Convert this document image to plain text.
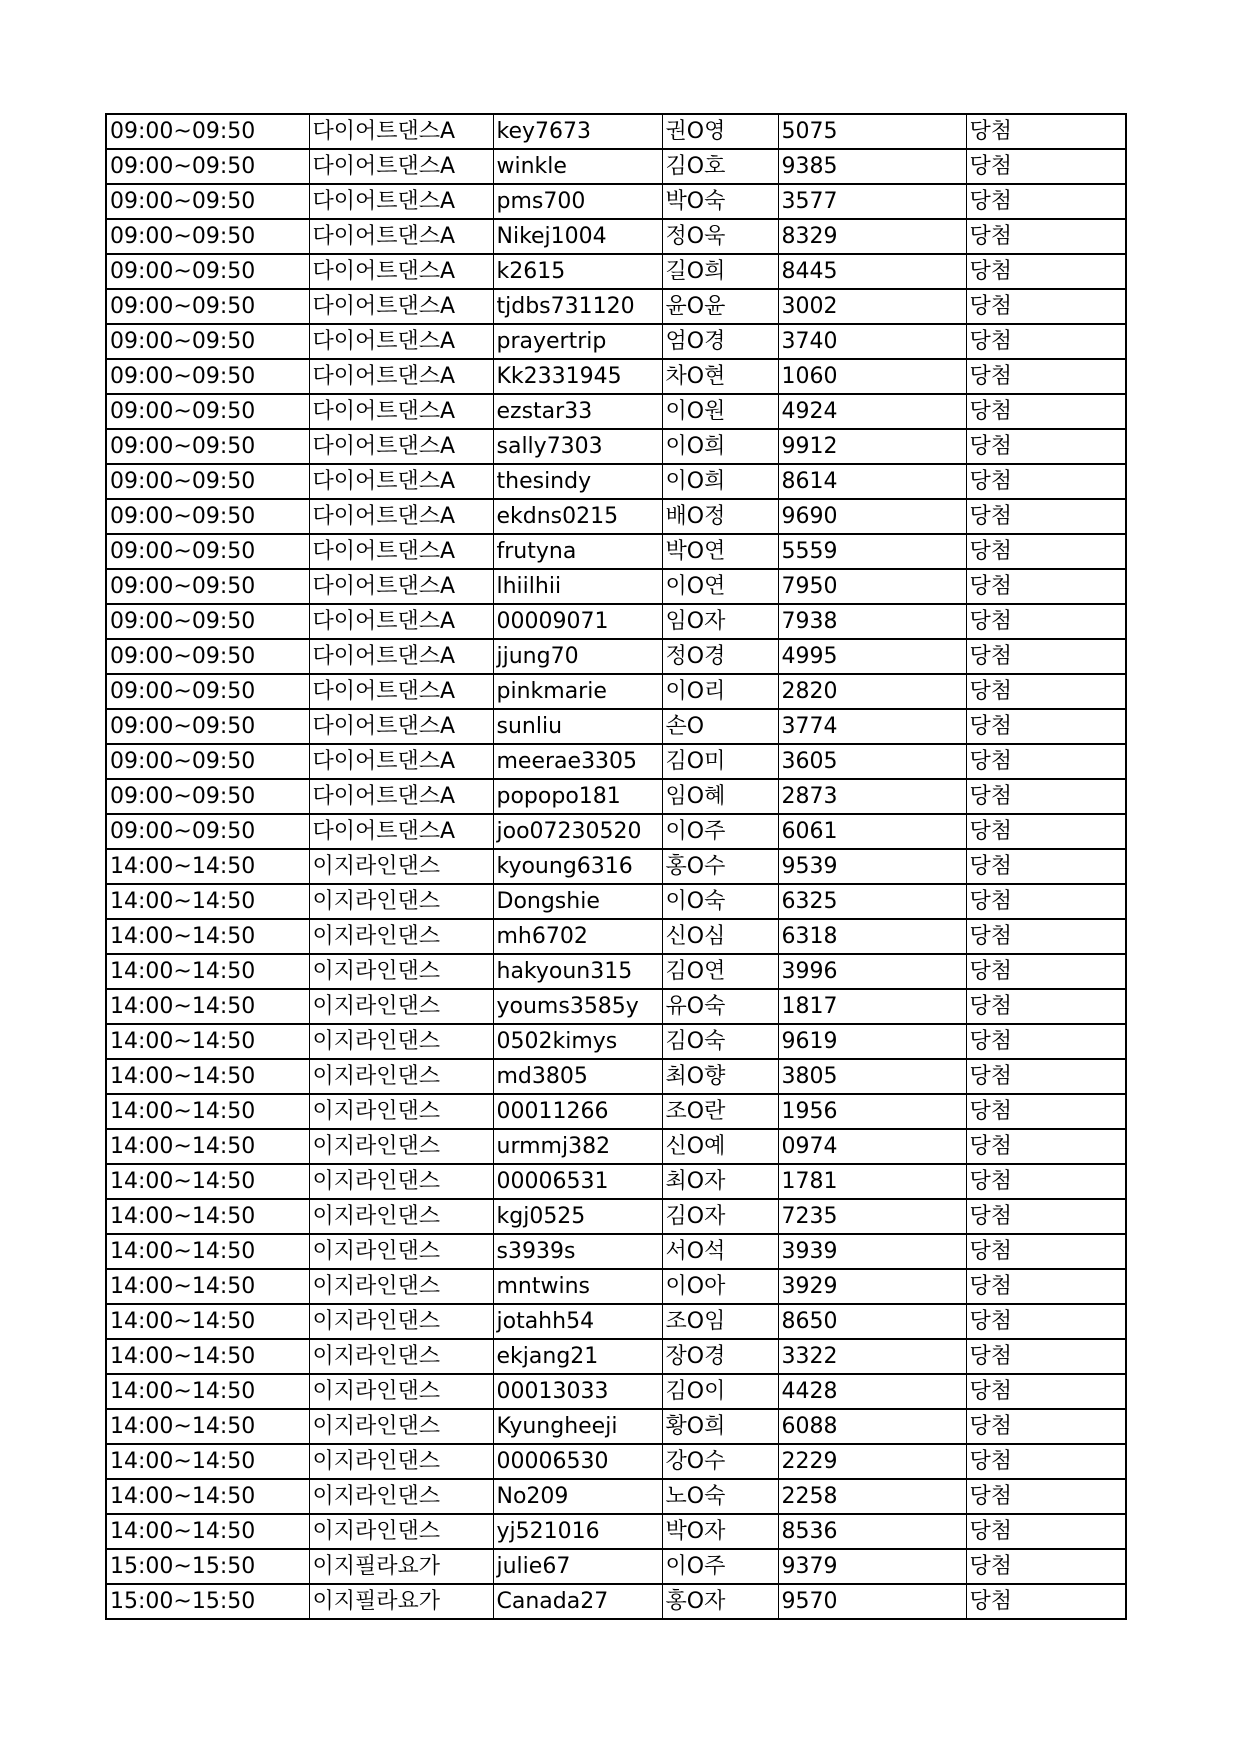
09:00~09:50	다이어트댄스A	key7673	권O영	5075	당첨
09:00~09:50	다이어트댄스A	winkle	김O호	9385	당첨
09:00~09:50	다이어트댄스A	pms700	박O숙	3577	당첨
09:00~09:50	다이어트댄스A	Nikej1004	정O욱	8329	당첨
09:00~09:50	다이어트댄스A	k2615	길O희	8445	당첨
09:00~09:50	다이어트댄스A	tjdbs731120	윤O윤	3002	당첨
09:00~09:50	다이어트댄스A	prayertrip	엄O경	3740	당첨
09:00~09:50	다이어트댄스A	Kk2331945	차O현	1060	당첨
09:00~09:50	다이어트댄스A	ezstar33	이O원	4924	당첨
09:00~09:50	다이어트댄스A	sally7303	이O희	9912	당첨
09:00~09:50	다이어트댄스A	thesindy	이O희	8614	당첨
09:00~09:50	다이어트댄스A	ekdns0215	배O정	9690	당첨
09:00~09:50	다이어트댄스A	frutyna	박O연	5559	당첨
09:00~09:50	다이어트댄스A	lhiilhii	이O연	7950	당첨
09:00~09:50	다이어트댄스A	00009071	임O자	7938	당첨
09:00~09:50	다이어트댄스A	jjung70	정O경	4995	당첨
09:00~09:50	다이어트댄스A	pinkmarie	이O리	2820	당첨
09:00~09:50	다이어트댄스A	sunliu	손O	3774	당첨
09:00~09:50	다이어트댄스A	meerae3305	김O미	3605	당첨
09:00~09:50	다이어트댄스A	popopo181	임O혜	2873	당첨
09:00~09:50	다이어트댄스A	joo07230520	이O주	6061	당첨
14:00~14:50	이지라인댄스	kyoung6316	홍O수	9539	당첨
14:00~14:50	이지라인댄스	Dongshie	이O숙	6325	당첨
14:00~14:50	이지라인댄스	mh6702	신O심	6318	당첨
14:00~14:50	이지라인댄스	hakyoun315	김O연	3996	당첨
14:00~14:50	이지라인댄스	youms3585y	유O숙	1817	당첨
14:00~14:50	이지라인댄스	0502kimys	김O숙	9619	당첨
14:00~14:50	이지라인댄스	md3805	최O향	3805	당첨
14:00~14:50	이지라인댄스	00011266	조O란	1956	당첨
14:00~14:50	이지라인댄스	urmmj382	신O예	0974	당첨
14:00~14:50	이지라인댄스	00006531	최O자	1781	당첨
14:00~14:50	이지라인댄스	kgj0525	김O자	7235	당첨
14:00~14:50	이지라인댄스	s3939s	서O석	3939	당첨
14:00~14:50	이지라인댄스	mntwins	이O아	3929	당첨
14:00~14:50	이지라인댄스	jotahh54	조O임	8650	당첨
14:00~14:50	이지라인댄스	ekjang21	장O경	3322	당첨
14:00~14:50	이지라인댄스	00013033	김O이	4428	당첨
14:00~14:50	이지라인댄스	Kyungheeji	황O희	6088	당첨
14:00~14:50	이지라인댄스	00006530	강O수	2229	당첨
14:00~14:50	이지라인댄스	No209	노O숙	2258	당첨
14:00~14:50	이지라인댄스	yj521016	박O자	8536	당첨
15:00~15:50	이지필라요가	julie67	이O주	9379	당첨
15:00~15:50	이지필라요가	Canada27	홍O자	9570	당첨
